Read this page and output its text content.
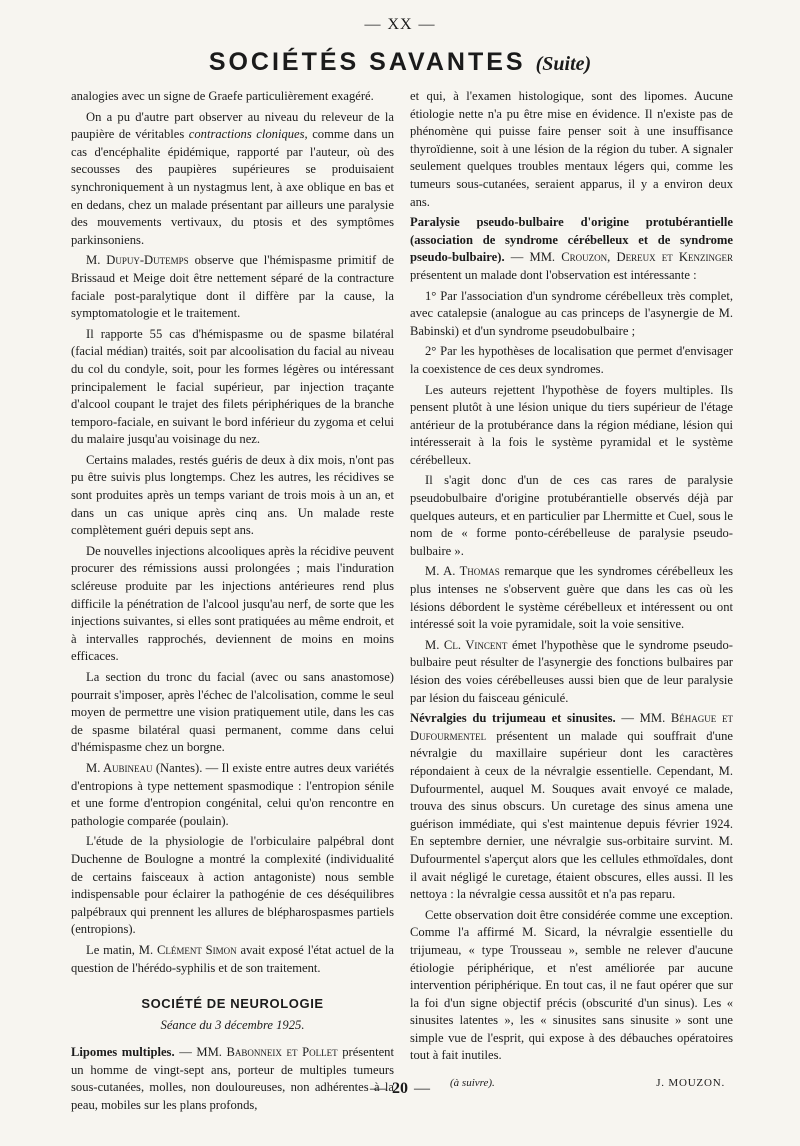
— XX —
SOCIÉTÉS SAVANTES (Suite)

analogies avec un signe de Graefe particulièrement exagéré.

On a pu d'autre part observer au niveau du releveur de la paupière de véritables contractions cloniques, comme dans un cas d'encéphalite épidémique, rapporté par l'auteur, où des secousses des paupières supérieures se produisaient synchroniquement à un nystagmus lent, à axe oblique en bas et en dedans, chez un malade présentant par ailleurs une paralysie des mouvements vertivaux, du ptosis et des symptômes parkinsoniens.

M. Dupuy-Dutemps observe que l'hémispasme primitif de Brissaud et Meige doit être nettement séparé de la contracture faciale post-paralytique dont il diffère par la cause, la symptomatologie et le traitement.

Il rapporte 55 cas d'hémispasme ou de spasme bilatéral (facial médian) traités, soit par alcoolisation du facial au niveau du col du condyle, soit, pour les formes légères ou intéressant principalement le facial supérieur, par injection traçante d'alcool coupant le trajet des filets périphériques de la branche temporo-faciale, en suivant le bord inférieur du zygoma et celui du malaire jusqu'au voisinage du nez.

Certains malades, restés guéris de deux à dix mois, n'ont pas pu être suivis plus longtemps. Chez les autres, les récidives se sont produites après un temps variant de trois mois à un an, et dans un cas unique après cinq ans. Un malade reste complètement guéri depuis sept ans.

De nouvelles injections alcooliques après la récidive peuvent procurer des rémissions aussi prolongées ; mais l'induration scléreuse produite par les injections antérieures rend plus difficile la pénétration de l'alcool jusqu'au nerf, de sorte que les injections suivantes, si elles sont pratiquées au même endroit, et à intervalles rapprochés, deviennent de moins en moins efficaces.

La section du tronc du facial (avec ou sans anastomose) pourrait s'imposer, après l'échec de l'alcolisation, comme le seul moyen de permettre une vision pratiquement utile, dans les cas de spasme bilatéral quasi permanent, comme dans celui d'hémispasme chez un borgne.

M. Aubineau (Nantes). — Il existe entre autres deux variétés d'entropions à type nettement spasmodique : l'entropion sénile et une forme d'entropion congénital, celui qu'on rencontre en pathologie comparée (poulain).

L'étude de la physiologie de l'orbiculaire palpébral dont Duchenne de Boulogne a montré la complexité (individualité de certains faisceaux à action antagoniste) nous semble indispensable pour éclairer la pathogénie de ces déséquilibres palpébraux qui prennent les allures de blépharospasmes partiels (entropions).

Le matin, M. Clément Simon avait exposé l'état actuel de la question de l'hérédo-syphilis et de son traitement.

SOCIÉTÉ DE NEUROLOGIE
Séance du 3 décembre 1925.

Lipomes multiples. — MM. Babonneix et Pollet présentent un homme de vingt-sept ans, porteur de multiples tumeurs sous-cutanées, molles, non douloureuses, non adhérentes à la peau, mobiles sur les plans profonds,

et qui, à l'examen histologique, sont des lipomes. Aucune étiologie nette n'a pu être mise en évidence. Il n'existe pas de phénomène qui puisse faire penser soit à une insuffisance thyroïdienne, soit à une lésion de la région du tuber. A signaler seulement quelques troubles mentaux légers qui, comme les tumeurs sous-cutanées, seraient apparus, il y a environ deux ans.

Paralysie pseudo-bulbaire d'origine protubérantielle (association de syndrome cérébelleux et de syndrome pseudo-bulbaire). — MM. Crouzon, Dereux et Kenzinger présentent un malade dont l'observation est intéressante :

1° Par l'association d'un syndrome cérébelleux très complet, avec catalepsie (analogue au cas princeps de l'asynergie de M. Babinski) et d'un syndrome pseudobulbaire ;

2° Par les hypothèses de localisation que permet d'envisager la coexistence de ces deux syndromes.

Les auteurs rejettent l'hypothèse de foyers multiples. Ils pensent plutôt à une lésion unique du tiers supérieur de l'étage antérieur de la protubérance dans la région médiane, lésion qui intéresserait à la fois le système pyramidal et le système cérébelleux.

Il s'agit donc d'un de ces cas rares de paralysie pseudobulbaire d'origine protubérantielle observés déjà par quelques auteurs, et en particulier par Lhermitte et Cuel, sous le nom de « forme ponto-cérébelleuse de paralysie pseudo-bulbaire ».

M. A. Thomas remarque que les syndromes cérébelleux les plus intenses ne s'observent guère que dans les cas où les lésions débordent le système cérébelleux et intéressent ou ont intéressé soit la voie pyramidale, soit la voie sensitive.

M. Cl. Vincent émet l'hypothèse que le syndrome pseudo-bulbaire peut résulter de l'asynergie des fonctions bulbaires par lésion des voies cérébelleuses aussi bien que de leur paralysie par lésion du faisceau géniculé.

Névralgies du trijumeau et sinusites. — MM. Béhague et Dufourmentel présentent un malade qui souffrait d'une névralgie du maxillaire supérieur dont les caractères répondaient à ceux de la névralgie essentielle. Cependant, M. Dufourmentel, auquel M. Souques avait envoyé ce malade, trouva des sinus obscurs. Un curetage des sinus amena une guérison immédiate, qui s'est maintenue depuis février 1924. En septembre dernier, une névralgie sus-orbitaire survint. M. Dufourmentel s'aperçut alors que les cellules ethmoïdales, dont il avait négligé le curetage, étaient obscures, elles aussi. Il les nettoya : la névralgie cessa aussitôt et n'a pas reparu.

Cette observation doit être considérée comme une exception. Comme l'a affirmé M. Sicard, la névralgie essentielle du trijumeau, « type Trousseau », semble ne relever d'aucune étiologie périphérique, et n'est améliorée par aucune intervention périphérique. En tout cas, il ne faut opérer que sur la foi d'un signe objectif précis (obscurité d'un sinus). Les « sinusites latentes », les « sinusites sans sinusite » sont une simple vue de l'esprit, qui expose à des débauches opératoires tout à fait inutiles.

(à suivre).	J. MOUZON.
— 20 —
